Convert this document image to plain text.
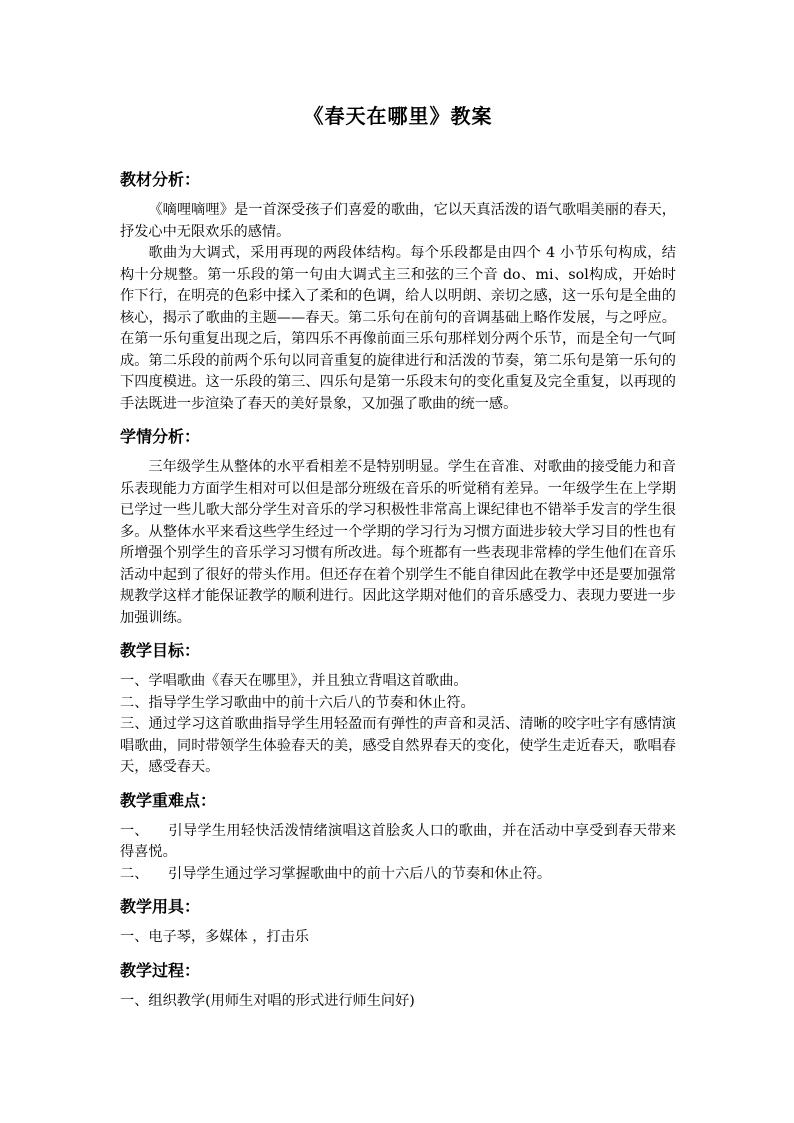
《春天在哪里》教案
教材分析：

《嘀哩嘀哩》是一首深受孩子们喜爱的歌曲，它以天真活泼的语气歌唱美丽的春天，抒发心中无限欢乐的感情。

歌曲为大调式，采用再现的两段体结构。每个乐段都是由四个 4 小节乐句构成，结构十分规整。第一乐段的第一句由大调式主三和弦的三个音 do、mi、sol构成，开始时作下行，在明亮的色彩中揉入了柔和的色调，给人以明朗、亲切之感，这一乐句是全曲的核心，揭示了歌曲的主题——春天。第二乐句在前句的音调基础上略作发展，与之呼应。在第一乐句重复出现之后，第四乐不再像前面三乐句那样划分两个乐节，而是全句一气呵成。第二乐段的前两个乐句以同音重复的旋律进行和活泼的节奏，第二乐句是第一乐句的下四度模进。这一乐段的第三、四乐句是第一乐段末句的变化重复及完全重复，以再现的手法既进一步渲染了春天的美好景象，又加强了歌曲的统一感。

学情分析：

三年级学生从整体的水平看相差不是特别明显。学生在音准、对歌曲的接受能力和音乐表现能力方面学生相对可以但是部分班级在音乐的听觉稍有差异。一年级学生在上学期已学过一些儿歌大部分学生对音乐的学习积极性非常高上课纪律也不错举手发言的学生很多。从整体水平来看这些学生经过一个学期的学习行为习惯方面进步较大学习目的性也有所增强个别学生的音乐学习习惯有所改进。每个班都有一些表现非常棒的学生他们在音乐活动中起到了很好的带头作用。但还存在着个别学生不能自律因此在教学中还是要加强常规教学这样才能保证教学的顺利进行。因此这学期对他们的音乐感受力、表现力要进一步加强训练。

教学目标：

一、学唱歌曲《春天在哪里》，并且独立背唱这首歌曲。

二、指导学生学习歌曲中的前十六后八的节奏和休止符。

三、通过学习这首歌曲指导学生用轻盈而有弹性的声音和灵活、清晰的咬字吐字有感情演唱歌曲，同时带领学生体验春天的美，感受自然界春天的变化，使学生走近春天，歌唱春天，感受春天。

教学重难点：

一、 引导学生用轻快活泼情绪演唱这首脍炙人口的歌曲，并在活动中享受到春天带来得喜悦。

二、 引导学生通过学习掌握歌曲中的前十六后八的节奏和休止符。

教学用具：

一、电子琴，多媒体 ，打击乐

教学过程：

一、组织教学(用师生对唱的形式进行师生问好)
